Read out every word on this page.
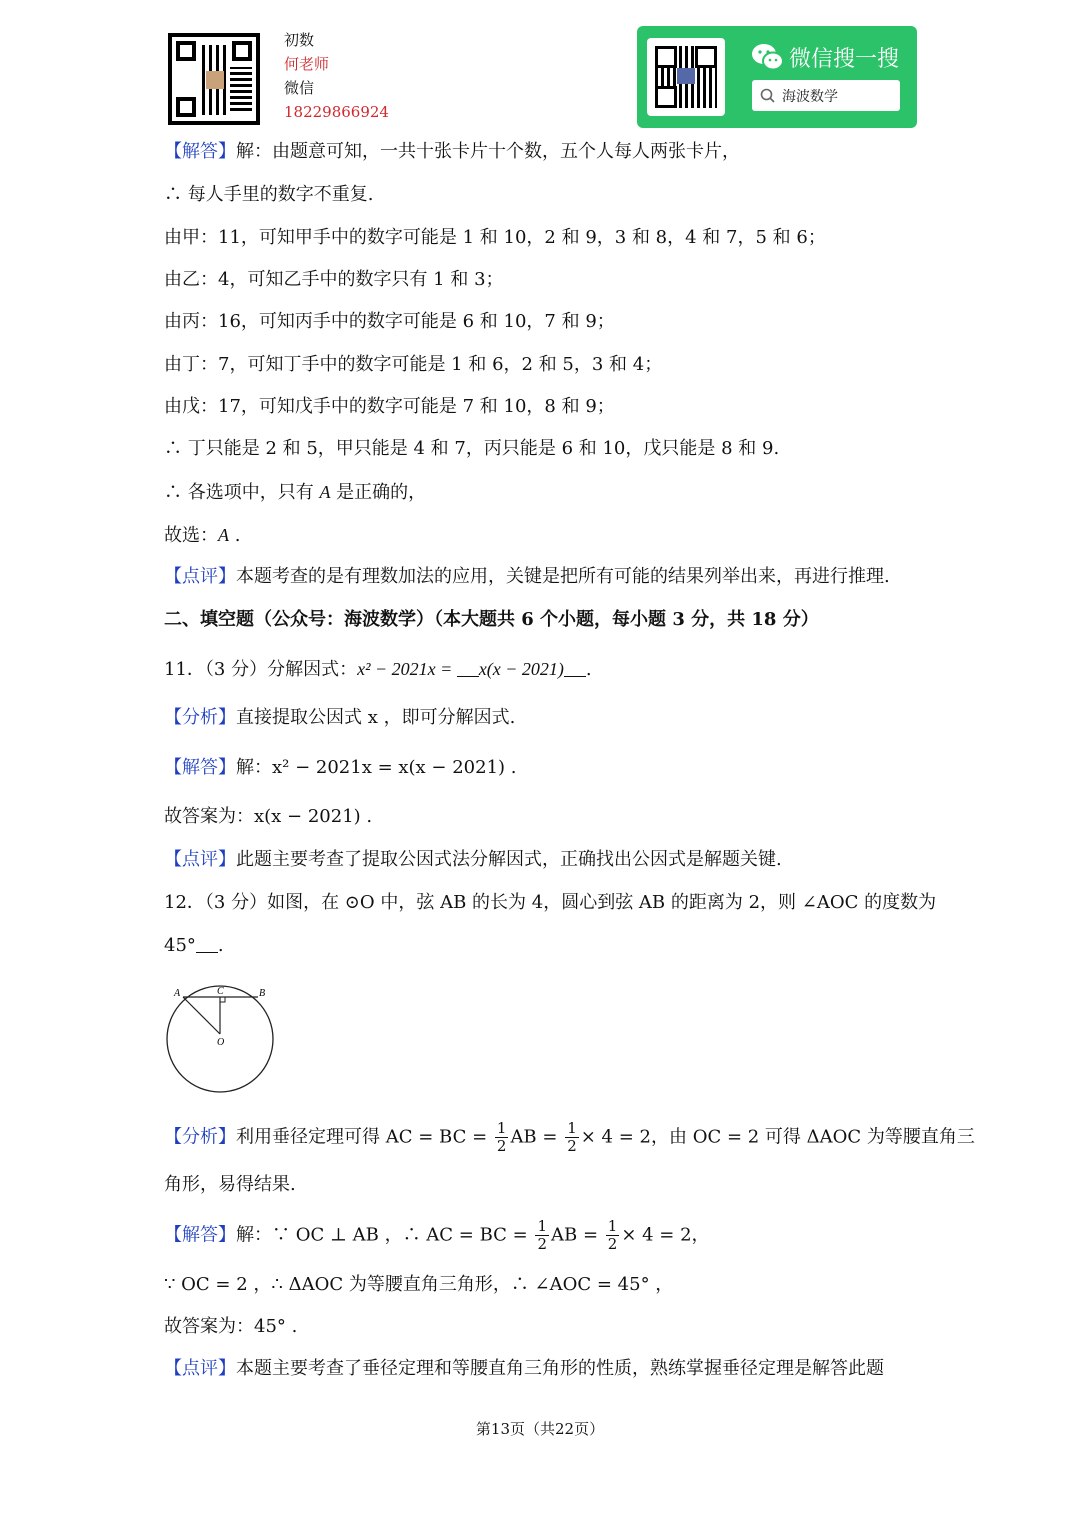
初数
何老师
微信
18229866924
微信搜一搜
海波数学
【解答】解：由题意可知，一共十张卡片十个数，五个人每人两张卡片，
∴ 每人手里的数字不重复.
由甲：11，可知甲手中的数字可能是 1 和 10，2 和 9，3 和 8，4 和 7，5 和 6；
由乙：4，可知乙手中的数字只有 1 和 3；
由丙：16，可知丙手中的数字可能是 6 和 10，7 和 9；
由丁：7，可知丁手中的数字可能是 1 和 6，2 和 5，3 和 4；
由戊：17，可知戊手中的数字可能是 7 和 10，8 和 9；
∴ 丁只能是 2 和 5，甲只能是 4 和 7，丙只能是 6 和 10，戊只能是 8 和 9.
∴ 各选项中，只有 A 是正确的，
故选：A .
【点评】本题考查的是有理数加法的应用，关键是把所有可能的结果列举出来，再进行推理.
二、填空题（公众号：海波数学）（本大题共 6 个小题，每小题 3 分，共 18 分）
11．（3 分）分解因式：x² − 2021x = x(x − 2021) .
【分析】直接提取公因式 x ，即可分解因式.
【解答】解：x² − 2021x = x(x − 2021) .
故答案为：x(x − 2021) .
【点评】此题主要考查了提取公因式法分解因式，正确找出公因式是解题关键.
12．（3 分）如图，在 ⊙O 中，弦 AB 的长为 4，圆心到弦 AB 的距离为 2，则 ∠AOC 的度数为
45° .
A	C	B
O
【分析】利用垂径定理可得 AC = BC = $\frac{1}{2}$ AB = $\frac{1}{2} \times 4 = 2$，由 OC = 2 可得 ΔAOC 为等腰直角三
角形，易得结果.
【解答】解：∵ OC ⊥ AB ，∴ AC = BC = $\frac{1}{2}$ AB = $\frac{1}{2} \times 4 = 2$，
∵ OC = 2 ，∴ ΔAOC 为等腰直角三角形，∴ ∠AOC = 45° ，
故答案为：45° .
【点评】本题主要考查了垂径定理和等腰直角三角形的性质，熟练掌握垂径定理是解答此题
第13页（共22页）
